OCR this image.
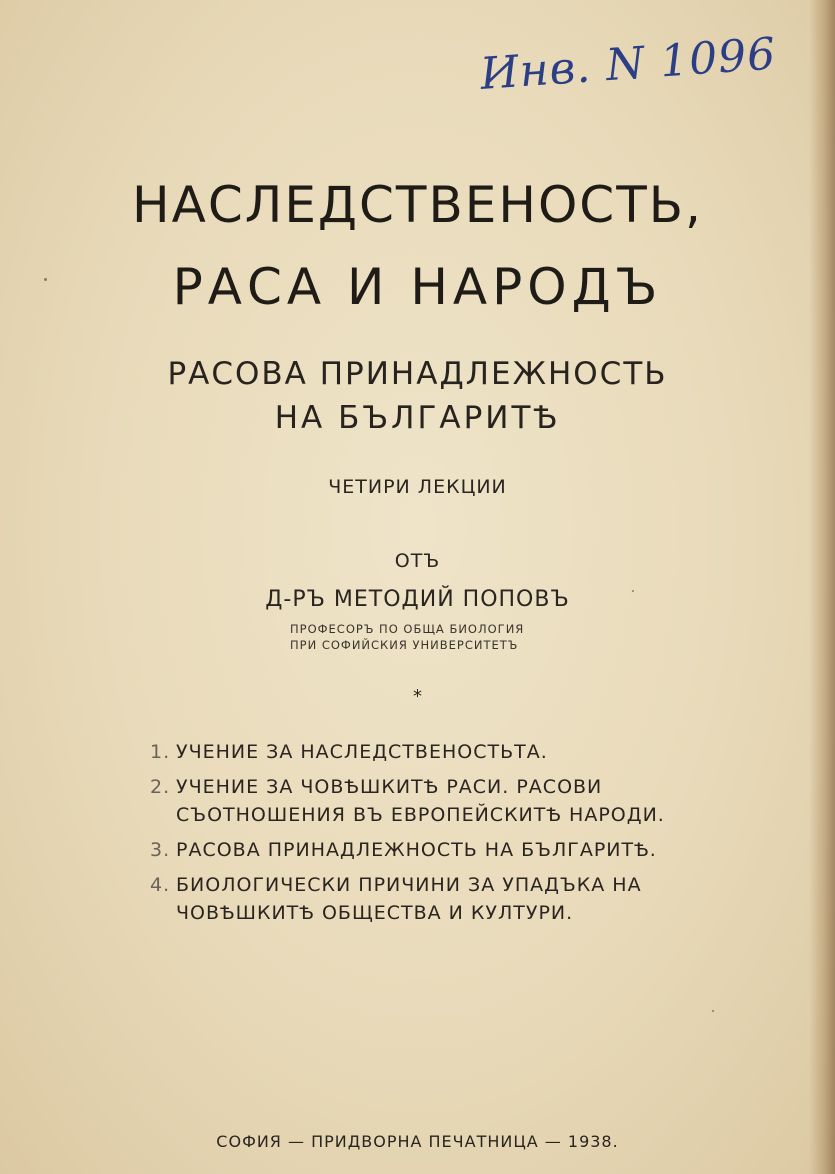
Инв. N 1096
НАСЛЕДСТВЕНОСТЬ,
РАСА И НАРОДЪ
РАСОВА ПРИНАДЛЕЖНОСТЬ
НА БЪЛГАРИТѢ
ЧЕТИРИ ЛЕКЦИИ
ОТЪ
Д-РЪ МЕТОДИЙ ПОПОВЪ
ПРОФЕСОРЪ ПО ОБЩА БИОЛОГИЯ
ПРИ СОФИЙСКИЯ УНИВЕРСИТЕТЪ
*
1. УЧЕНИЕ ЗА НАСЛЕДСТВЕНОСТЬТА.
2. УЧЕНИЕ ЗА ЧОВѢШКИТѢ РАСИ. РАСОВИ СЪОТНОШЕНИЯ ВЪ ЕВРОПЕЙСКИТѢ НАРОДИ.
3. РАСОВА ПРИНАДЛЕЖНОСТЬ НА БЪЛГАРИТѢ.
4. БИОЛОГИЧЕСКИ ПРИЧИНИ ЗА УПАДЪКА НА ЧОВѢШКИТѢ ОБЩЕСТВА И КУЛТУРИ.
СОФИЯ — ПРИДВОРНА ПЕЧАТНИЦА — 1938.
